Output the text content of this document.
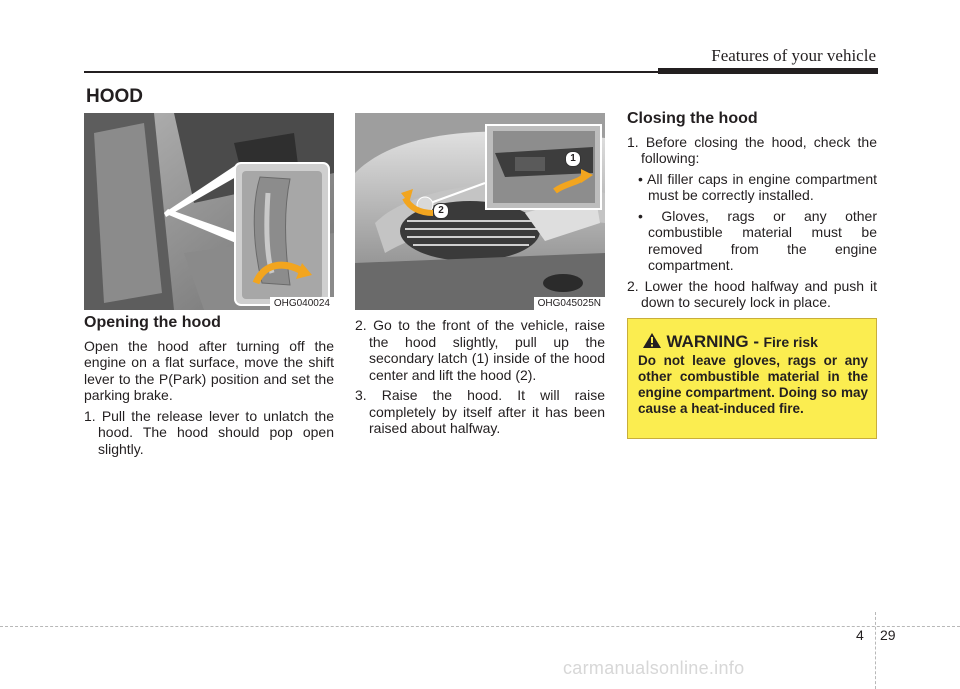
Features of your vehicle
HOOD
OHG040024
1
2
OHG045025N
Opening the hood

Open the hood after turning off the engine on a flat surface, move the shift lever to the P(Park) position and set the parking brake.

1. Pull the release lever to unlatch the hood. The hood should pop open slightly.

2. Go to the front of the vehicle, raise the hood slightly, pull up the secondary latch (1) inside of the hood center and lift the hood (2).

3. Raise the hood. It will raise completely by itself after it has been raised about halfway.

Closing the hood

1. Before closing the hood, check the following:

• All filler caps in engine compartment must be correctly installed.

• Gloves, rags or any other combustible material must be removed from the engine compartment.

2. Lower the hood halfway and push it down to securely lock in place.

WARNING - Fire risk
Do not leave gloves, rags or any other combustible material in the engine compartment. Doing so may cause a heat-induced fire.
4 29
carmanualsonline.info
